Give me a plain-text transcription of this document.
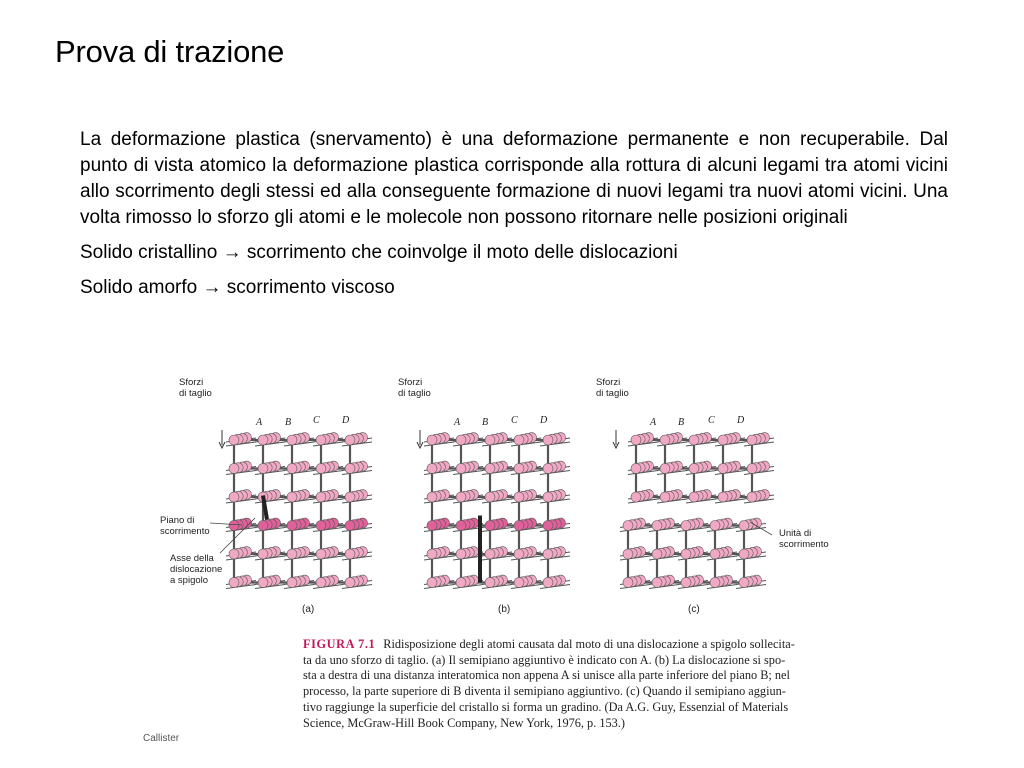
Prova di trazione

La deformazione plastica (snervamento) è una deformazione permanente e non recuperabile. Dal punto di vista atomico la deformazione plastica corrisponde alla rottura di alcuni legami tra atomi vicini allo scorrimento degli stessi ed alla conseguente formazione di nuovi legami tra nuovi atomi vicini. Una volta rimosso lo sforzo gli atomi e le molecole non possono ritornare nelle posizioni originali

Solido cristallino → scorrimento che coinvolge il moto delle dislocazioni

Solido amorfo → scorrimento viscoso

Sforzi
di taglio
Sforzi
di taglio
Sforzi
di taglio
A B C D	A B C D	A B C D
Piano di
scorrimento
Asse della
dislocazione
a spigolo
Unità di
scorrimento
(a)	(b)	(c)
FIGURA 7.1 Ridisposizione degli atomi causata dal moto di una dislocazione a spigolo sollecita-
ta da uno sforzo di taglio. (a) Il semipiano aggiuntivo è indicato con A. (b) La dislocazione si spo-
sta a destra di una distanza interatomica non appena A si unisce alla parte inferiore del piano B; nel
processo, la parte superiore di B diventa il semipiano aggiuntivo. (c) Quando il semipiano aggiun-
tivo raggiunge la superficie del cristallo si forma un gradino. (Da A.G. Guy, Essenzial of Materials
Science, McGraw-Hill Book Company, New York, 1976, p. 153.)
Callister
